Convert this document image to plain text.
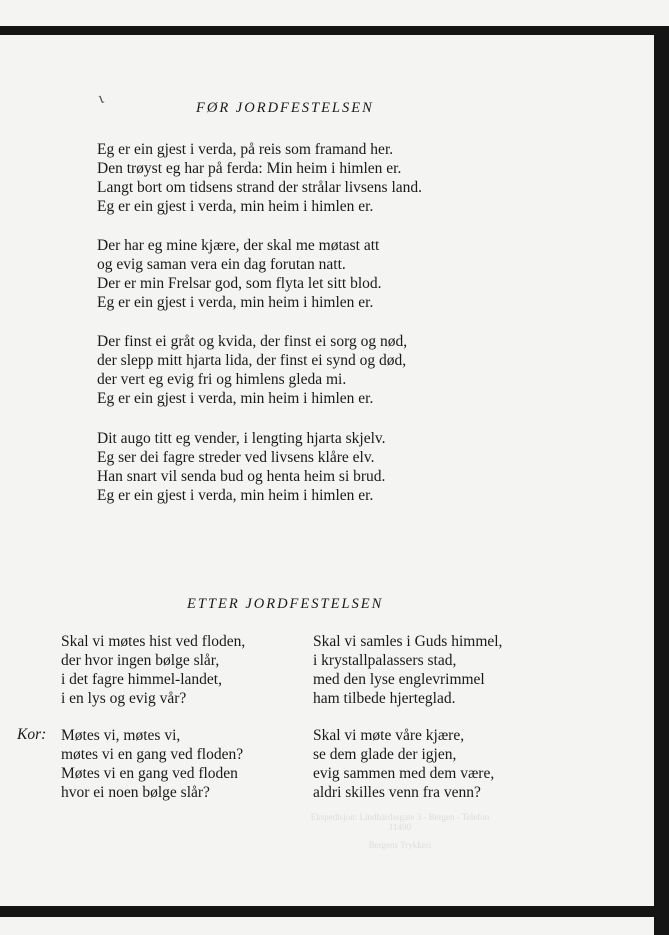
ɩ
FØR JORDFESTELSEN
Eg er ein gjest i verda, på reis som framand her.
Den trøyst eg har på ferda: Min heim i himlen er.
Langt bort om tidsens strand der strålar livsens land.
Eg er ein gjest i verda, min heim i himlen er.
Der har eg mine kjære, der skal me møtast att
og evig saman vera ein dag forutan natt.
Der er min Frelsar god, som flyta let sitt blod.
Eg er ein gjest i verda, min heim i himlen er.
Der finst ei gråt og kvida, der finst ei sorg og nød,
der slepp mitt hjarta lida, der finst ei synd og død,
der vert eg evig fri og himlens gleda mi.
Eg er ein gjest i verda, min heim i himlen er.
Dit augo titt eg vender, i lengting hjarta skjelv.
Eg ser dei fagre streder ved livsens klåre elv.
Han snart vil senda bud og henta heim si brud.
Eg er ein gjest i verda, min heim i himlen er.
ETTER JORDFESTELSEN
Skal vi møtes hist ved floden,
der hvor ingen bølge slår,
i det fagre himmel-landet,
i en lys og evig vår?
Skal vi samles i Guds himmel,
i krystallpalassers stad,
med den lyse englevrimmel
ham tilbede hjerteglad.
Kor: Møtes vi, møtes vi,
møtes vi en gang ved floden?
Møtes vi en gang ved floden
hvor ei noen bølge slår?
Skal vi møte våre kjære,
se dem glade der igjen,
evig sammen med dem være,
aldri skilles venn fra venn?
Ekspedisjon: Lindhardssgate 3 - Bergen - Telefon 11490
Bergens Trykkeri
